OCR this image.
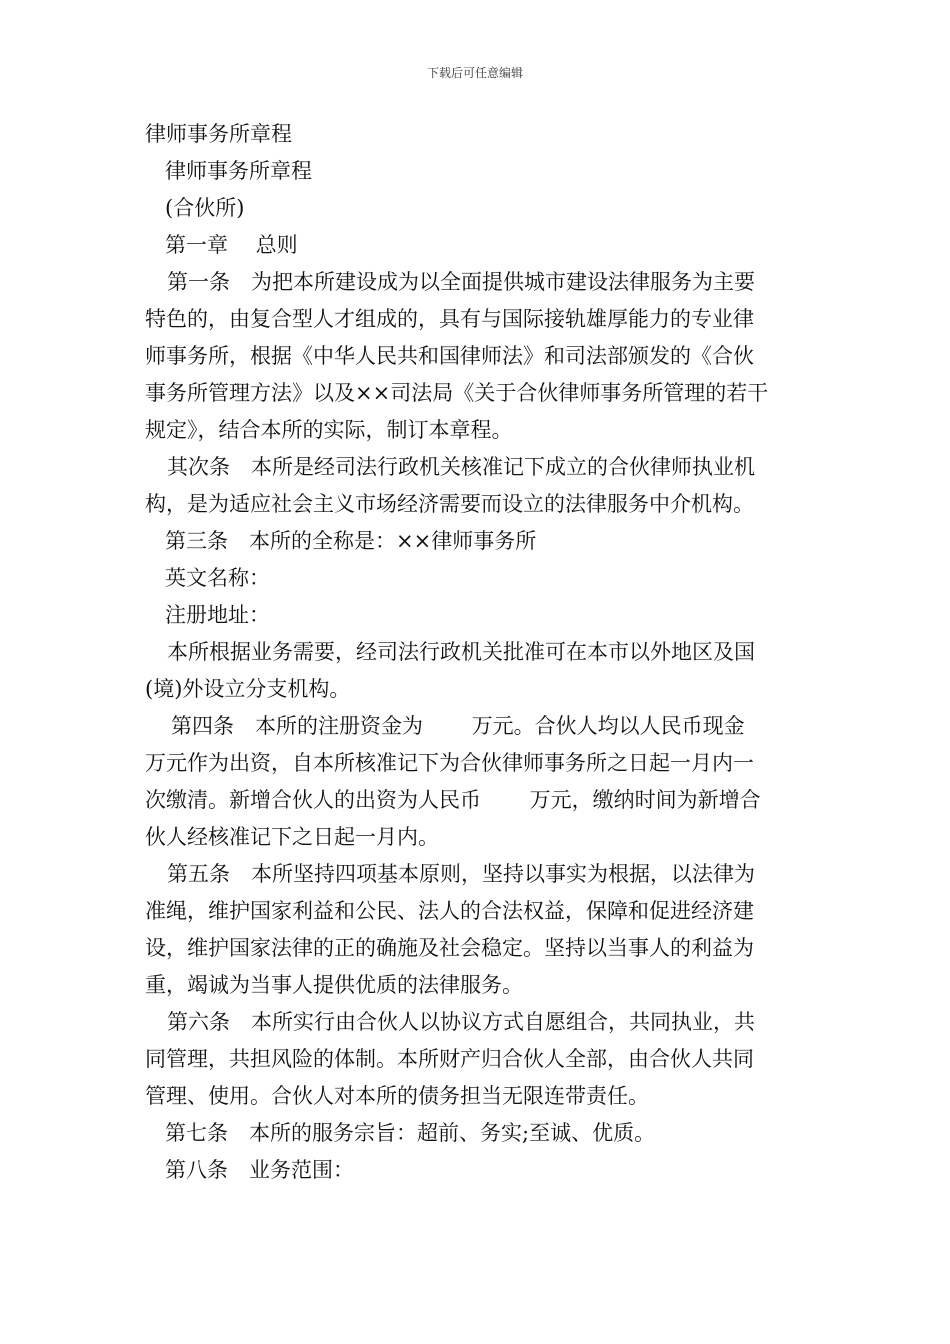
下载后可任意编辑
律师事务所章程
律师事务所章程
(合伙所)
第一章　 总则
第一条　为把本所建设成为以全面提供城市建设法律服务为主要
特色的，由复合型人才组成的，具有与国际接轨雄厚能力的专业律
师事务所，根据《中华人民共和国律师法》和司法部颁发的《合伙
事务所管理方法》以及××司法局《关于合伙律师事务所管理的若干
规定》，结合本所的实际，制订本章程。
其次条　本所是经司法行政机关核准记下成立的合伙律师执业机
构，是为适应社会主义市场经济需要而设立的法律服务中介机构。
第三条　本所的全称是：××律师事务所
英文名称：
注册地址：
本所根据业务需要，经司法行政机关批准可在本市以外地区及国
(境)外设立分支机构。
第四条　本所的注册资金为　　 万元。合伙人均以人民币现金
万元作为出资，自本所核准记下为合伙律师事务所之日起一月内一
次缴清。新增合伙人的出资为人民币　　 万元，缴纳时间为新增合
伙人经核准记下之日起一月内。
第五条　本所坚持四项基本原则，坚持以事实为根据，以法律为
准绳，维护国家利益和公民、法人的合法权益，保障和促进经济建
设，维护国家法律的正的确施及社会稳定。坚持以当事人的利益为
重，竭诚为当事人提供优质的法律服务。
第六条　本所实行由合伙人以协议方式自愿组合，共同执业，共
同管理，共担风险的体制。本所财产归合伙人全部，由合伙人共同
管理、使用。合伙人对本所的债务担当无限连带责任。
第七条　本所的服务宗旨：超前、务实;至诚、优质。
第八条　业务范围：
